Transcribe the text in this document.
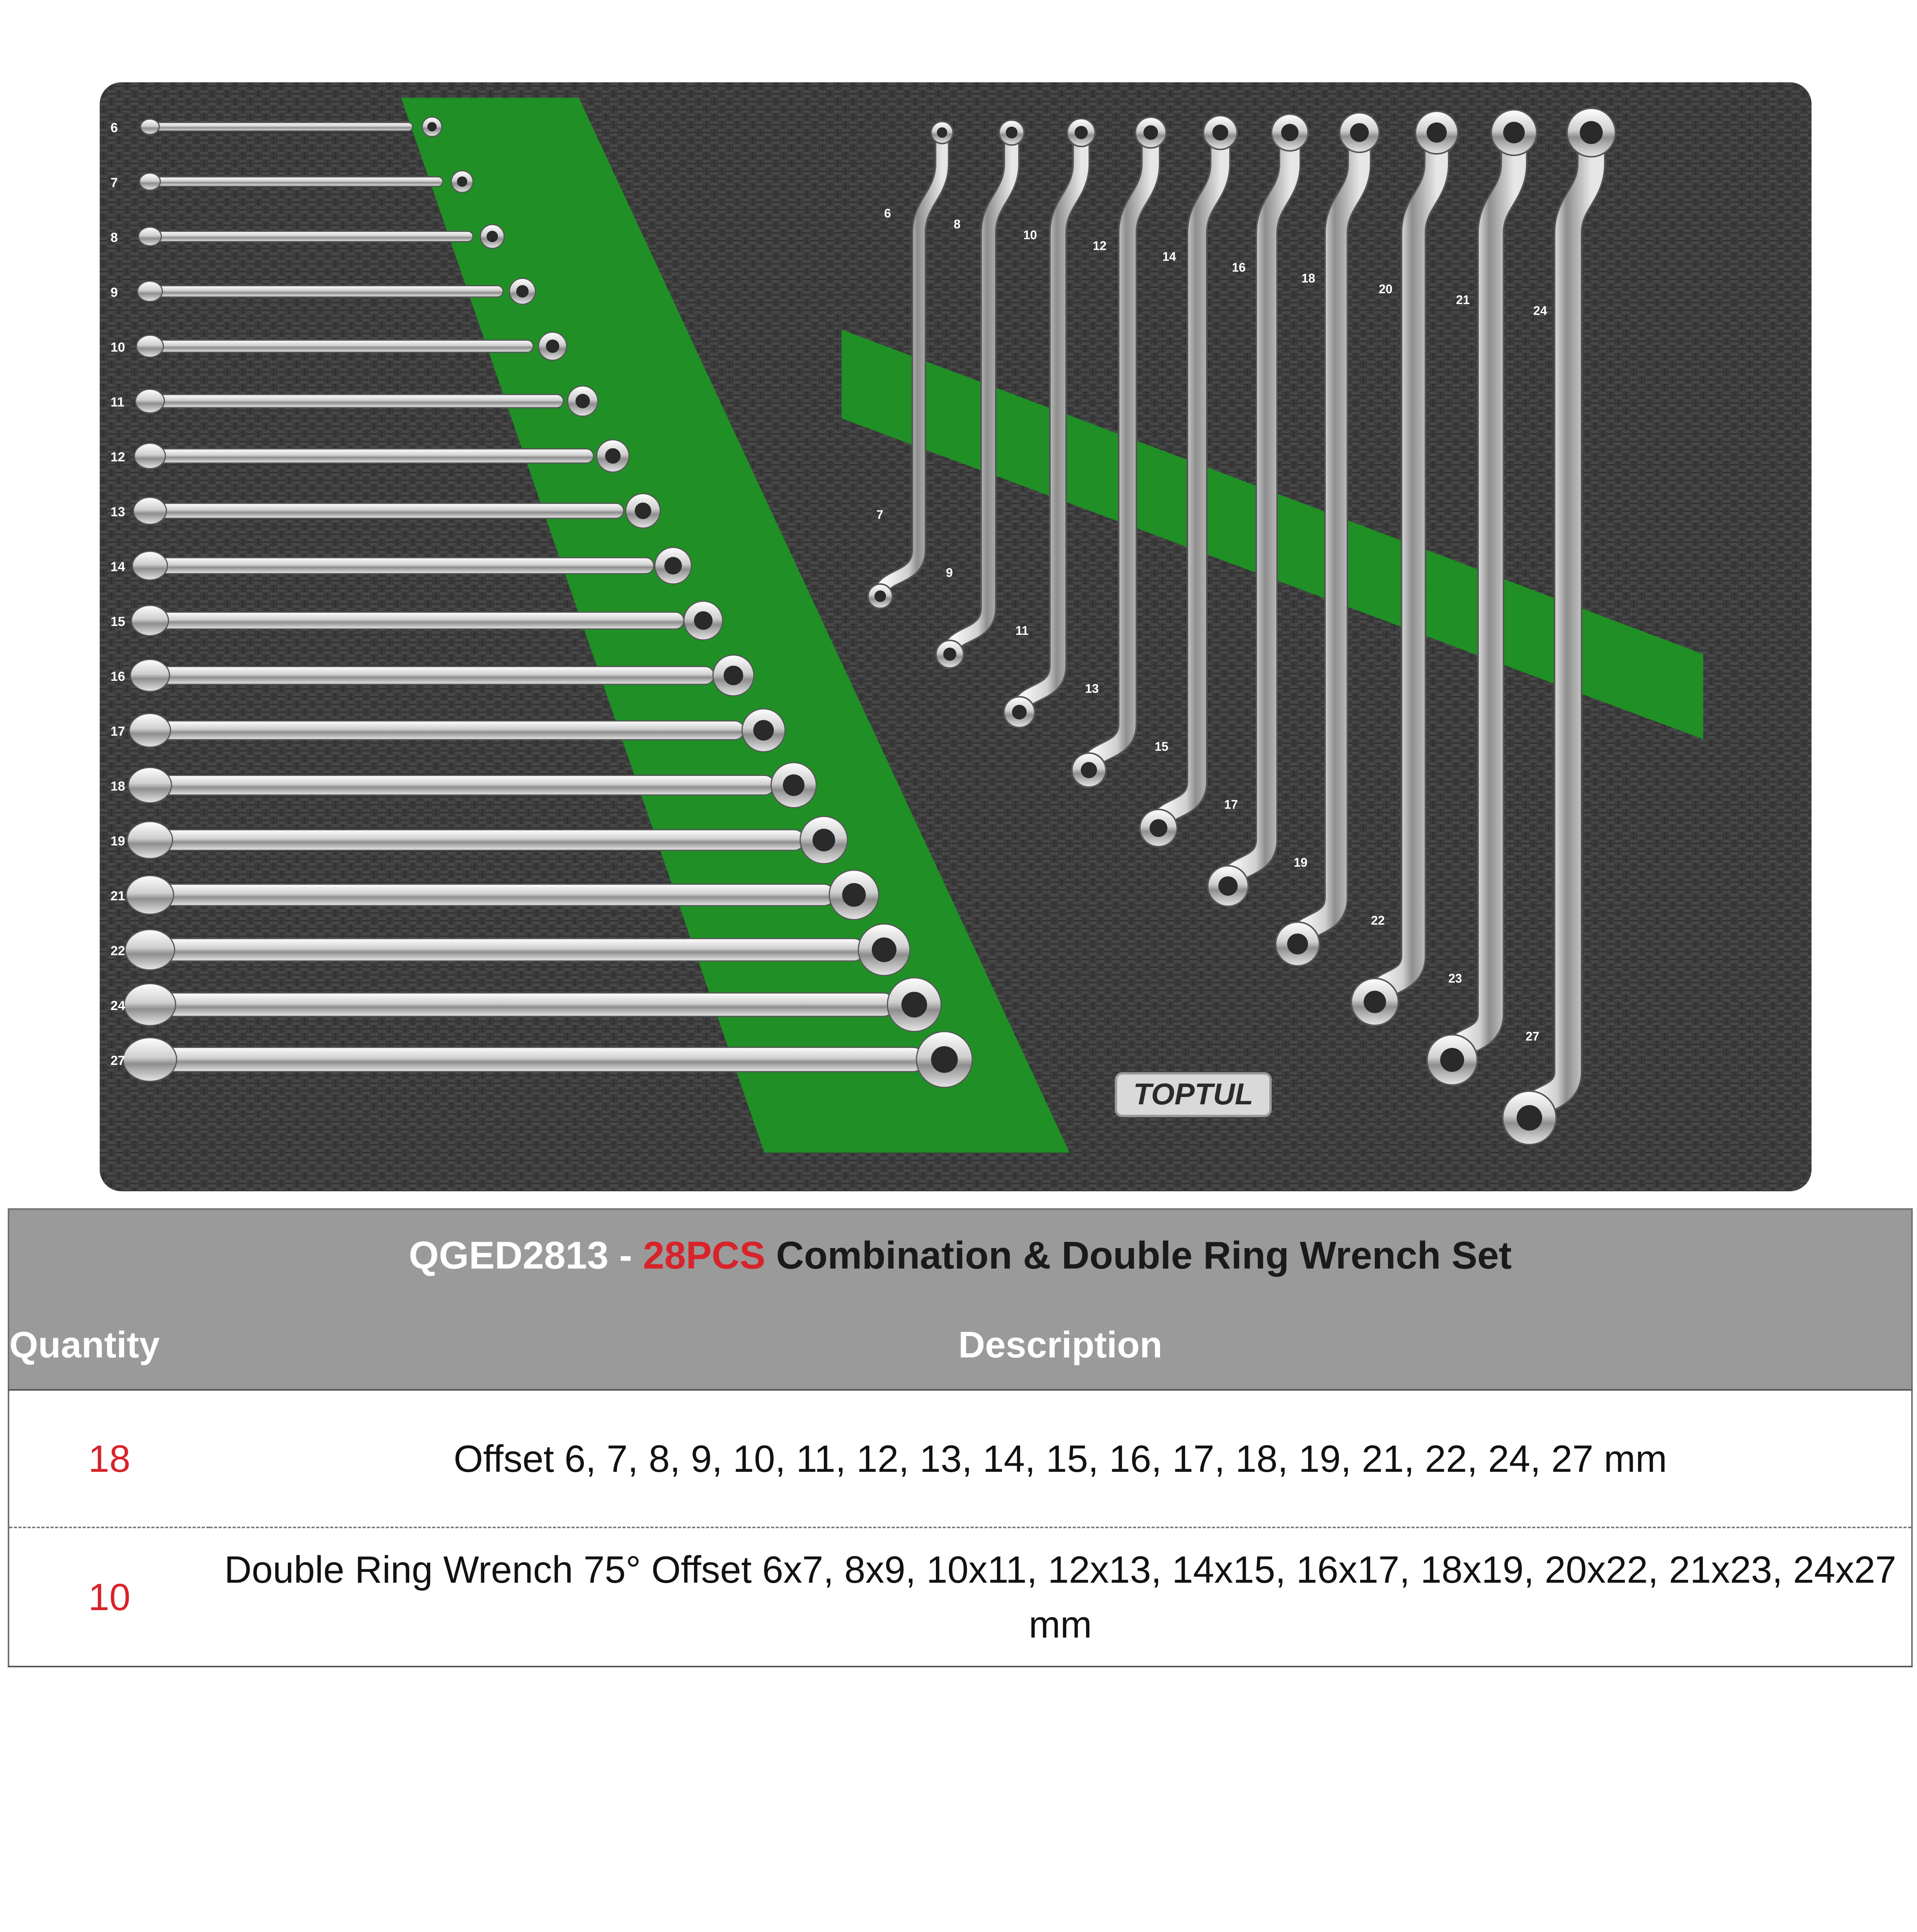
6
7
8
9
10
11
12
13
14
15
16
17
18
19
21
22
24
27
6
7
8
9
10
11
12
13
14
15
16
17
18
19
20
22
21
23
24
27
TOPTUL
QGED2813 - 28PCS Combination & Double Ring Wrench Set	
Quantity	Description
18	Offset 6, 7, 8, 9, 10, 11, 12, 13, 14, 15, 16, 17, 18, 19, 21, 22, 24, 27 mm
10	Double Ring Wrench 75° Offset 6x7, 8x9, 10x11, 12x13, 14x15, 16x17, 18x19, 20x22, 21x23, 24x27 mm
